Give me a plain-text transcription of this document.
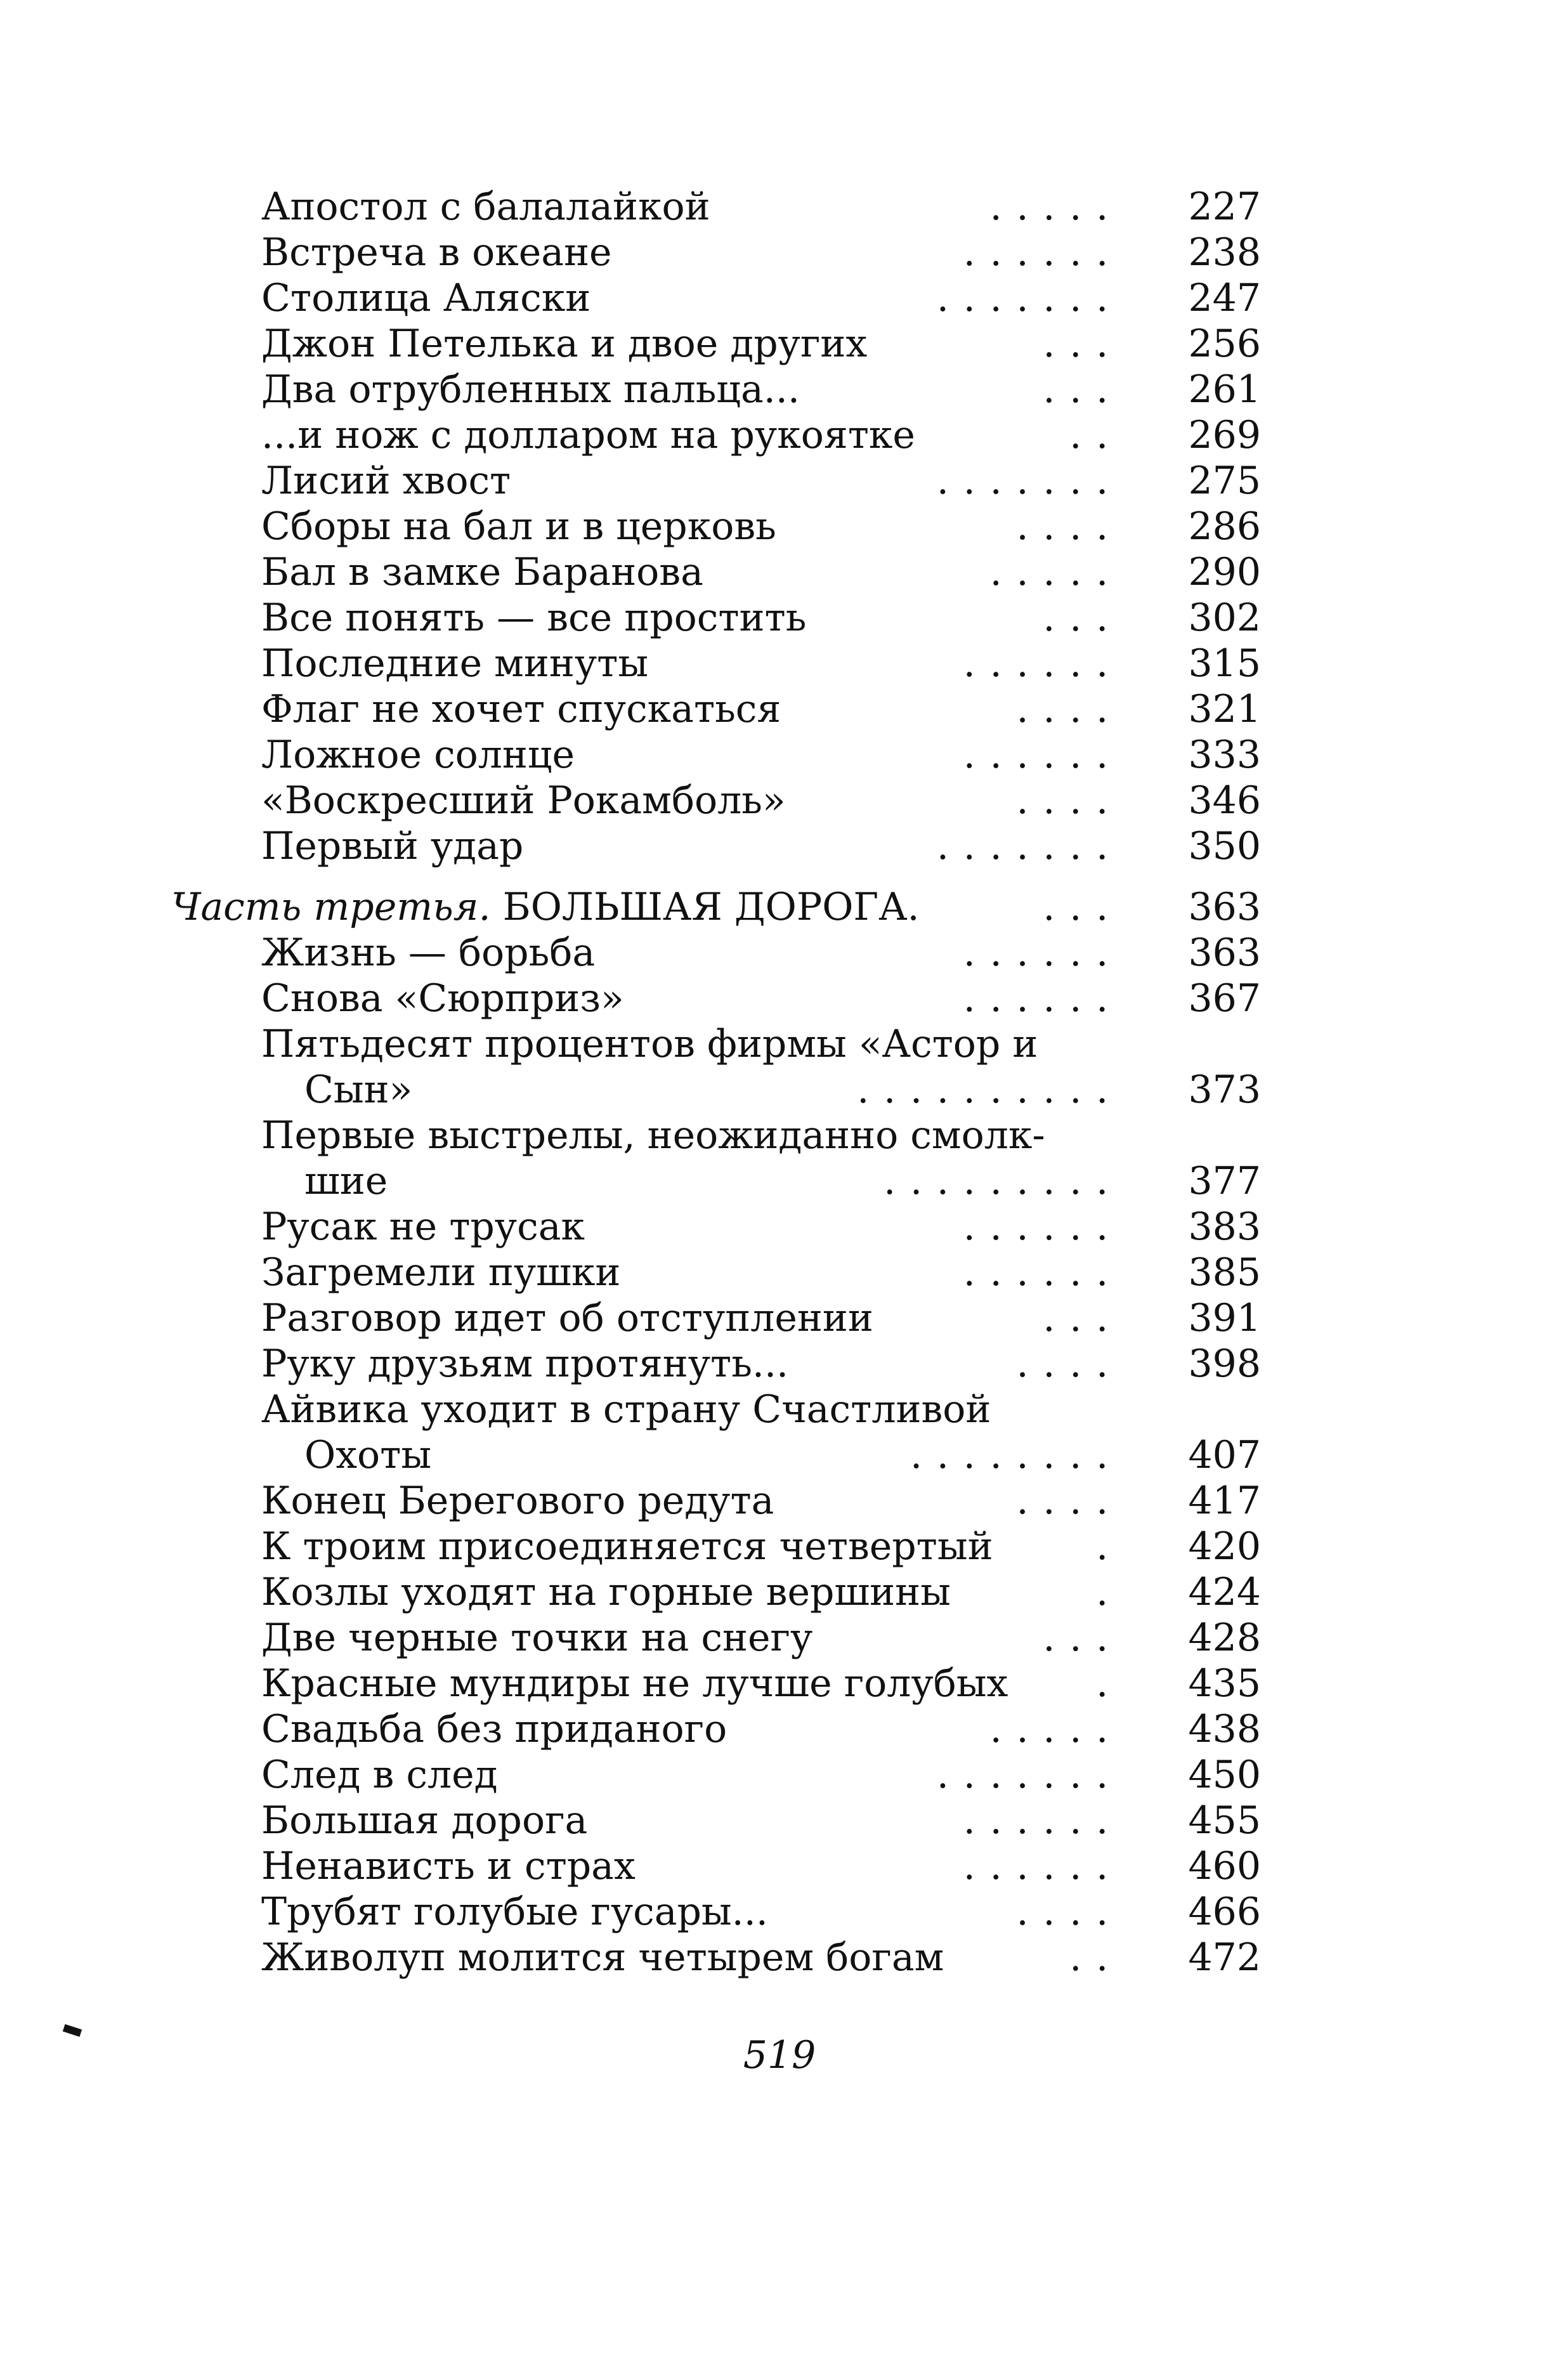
Апостол с балалайкой	..... 227
Встреча в океане	...... 238
Столица Аляски	....... 247
Джон Петелька и двое других	... 256
Два отрубленных пальца...	... 261
...и нож с долларом на рукоятке	.. 269
Лисий хвост	....... 275
Сборы на бал и в церковь	.... 286
Бал в замке Баранова	..... 290
Все понять — все простить	... 302
Последние минуты	...... 315
Флаг не хочет спускаться	.... 321
Ложное солнце	...... 333
«Воскресший Рокамболь»	.... 346
Первый удар	....... 350
Часть третья. БОЛЬШАЯ ДОРОГА.	... 363
Жизнь — борьба	...... 363
Снова «Сюрприз»	...... 367
Пятьдесят процентов фирмы «Астор и
Сын»	.......... 373
Первые выстрелы, неожиданно смолк-
шие	......... 377
Русак не трусак	...... 383
Загремели пушки	...... 385
Разговор идет об отступлении	... 391
Руку друзьям протянуть...	.... 398
Айвика уходит в страну Счастливой
Охоты	........ 407
Конец Берегового редута	.... 417
К троим присоединяется четвертый	. 420
Козлы уходят на горные вершины	. 424
Две черные точки на снегу	... 428
Красные мундиры не лучше голубых . 435
Свадьба без приданого	..... 438
След в след	....... 450
Большая дорога	...... 455
Ненависть и страх	...... 460
Трубят голубые гусары...	.... 466
Живолуп молится четырем богам	.. 472
519
